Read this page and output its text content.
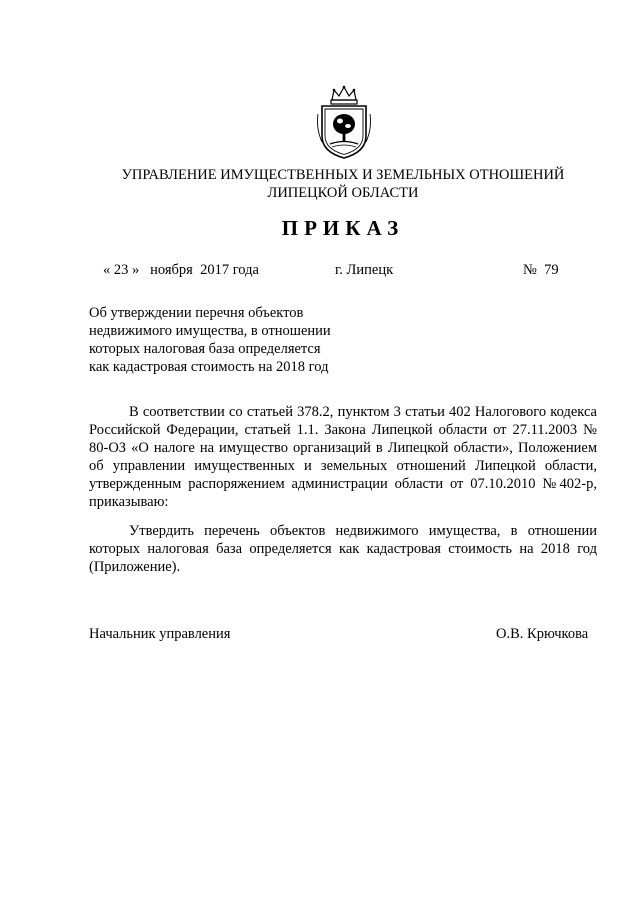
УПРАВЛЕНИЕ ИМУЩЕСТВЕННЫХ И ЗЕМЕЛЬНЫХ ОТНОШЕНИЙ
ЛИПЕЦКОЙ ОБЛАСТИ
ПРИКАЗ
« 23 »   ноября  2017 года	г. Липецк	№  79
Об утверждении перечня объектов
недвижимого имущества, в отношении
которых налоговая база определяется
как кадастровая стоимость на 2018 год
В соответствии со статьей 378.2, пунктом 3 статьи 402 Налогового кодекса Российской Федерации, статьей 1.1. Закона Липецкой области от 27.11.2003 № 80-ОЗ «О налоге на имущество организаций в Липецкой области», Положением об управлении имущественных и земельных отношений Липецкой области, утвержденным распоряжением администрации области от 07.10.2010 №402-р, приказываю:
Утвердить перечень объектов недвижимого имущества, в отношении которых налоговая база определяется как кадастровая стоимость на 2018 год (Приложение).
Начальник управления	О.В. Крючкова
